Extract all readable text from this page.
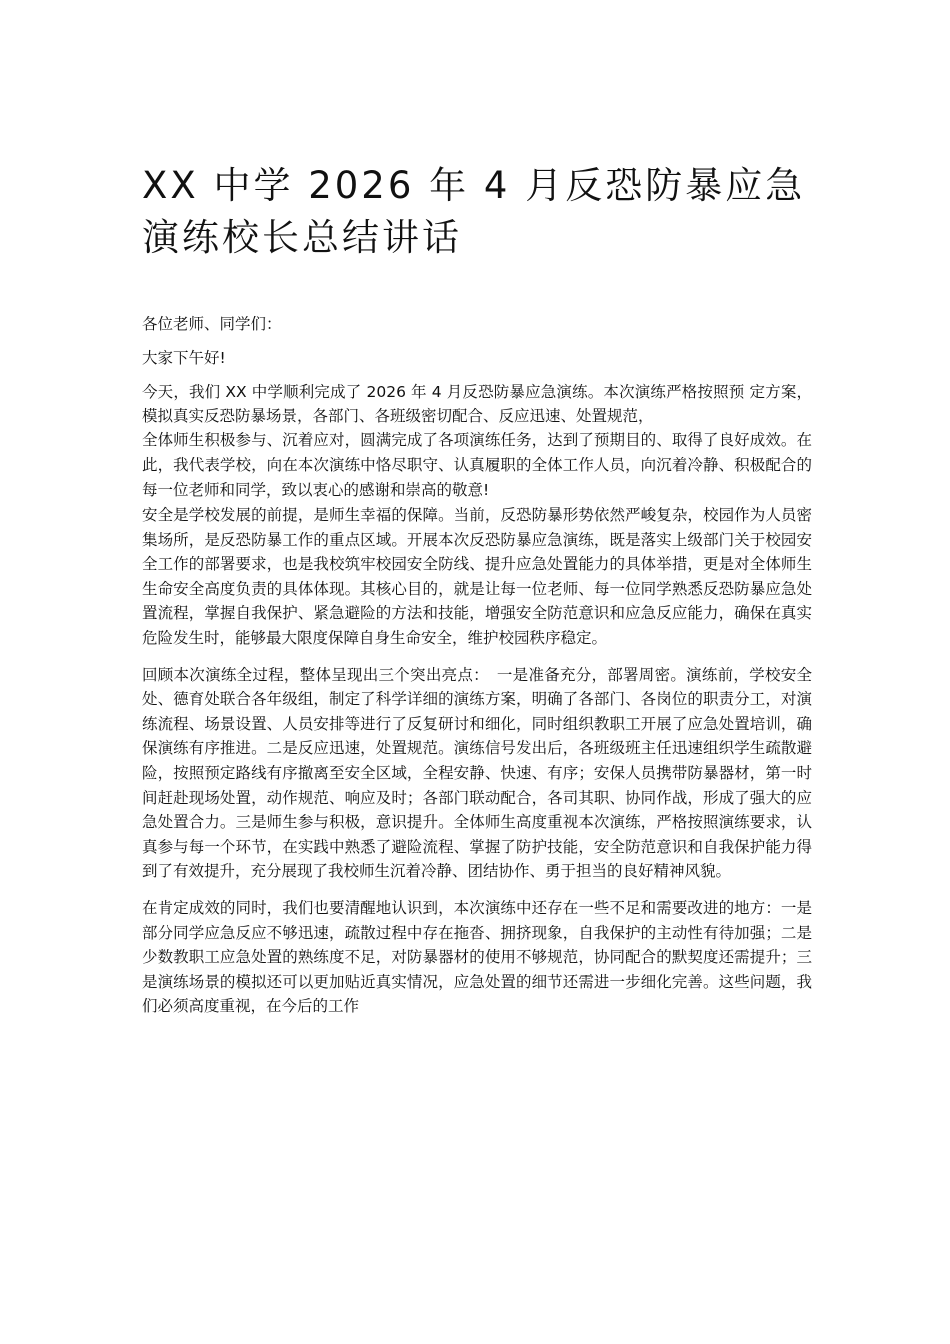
XX 中学 2026 年 4 月反恐防暴应急 演练校长总结讲话

各位老师、同学们：

大家下午好!

今天，我们 XX 中学顺利完成了 2026 年 4 月反恐防暴应急演练。本次演练严格按照预 定方案，模拟真实反恐防暴场景，各部门、各班级密切配合、反应迅速、处置规范，

全体师生积极参与、沉着应对，圆满完成了各项演练任务，达到了预期目的、取得了良好成效。在此，我代表学校，向在本次演练中恪尽职守、认真履职的全体工作人员，向沉着冷静、积极配合的每一位老师和同学，致以衷心的感谢和崇高的敬意!

安全是学校发展的前提，是师生幸福的保障。当前，反恐防暴形势依然严峻复杂，校园作为人员密集场所，是反恐防暴工作的重点区域。开展本次反恐防暴应急演练，既是落实上级部门关于校园安全工作的部署要求，也是我校筑牢校园安全防线、提升应急处置能力的具体举措，更是对全体师生生命安全高度负责的具体体现。其核心目的，就是让每一位老师、每一位同学熟悉反恐防暴应急处置流程，掌握自我保护、紧急避险的方法和技能，增强安全防范意识和应急反应能力，确保在真实危险发生时，能够最大限度保障自身生命安全，维护校园秩序稳定。

回顾本次演练全过程，整体呈现出三个突出亮点：　一是准备充分，部署周密。演练前，学校安全处、德育处联合各年级组，制定了科学详细的演练方案，明确了各部门、各岗位的职责分工，对演练流程、场景设置、人员安排等进行了反复研讨和细化，同时组织教职工开展了应急处置培训，确保演练有序推进。二是反应迅速，处置规范。演练信号发出后，各班级班主任迅速组织学生疏散避险，按照预定路线有序撤离至安全区域，全程安静、快速、有序；安保人员携带防暴器材，第一时间赶赴现场处置，动作规范、响应及时；各部门联动配合，各司其职、协同作战，形成了强大的应急处置合力。三是师生参与积极，意识提升。全体师生高度重视本次演练，严格按照演练要求，认真参与每一个环节，在实践中熟悉了避险流程、掌握了防护技能，安全防范意识和自我保护能力得到了有效提升，充分展现了我校师生沉着冷静、团结协作、勇于担当的良好精神风貌。

在肯定成效的同时，我们也要清醒地认识到，本次演练中还存在一些不足和需要改进的地方：一是部分同学应急反应不够迅速，疏散过程中存在拖沓、拥挤现象，自我保护的主动性有待加强；二是少数教职工应急处置的熟练度不足，对防暴器材的使用不够规范，协同配合的默契度还需提升；三是演练场景的模拟还可以更加贴近真实情况，应急处置的细节还需进一步细化完善。这些问题，我们必须高度重视，在今后的工作
